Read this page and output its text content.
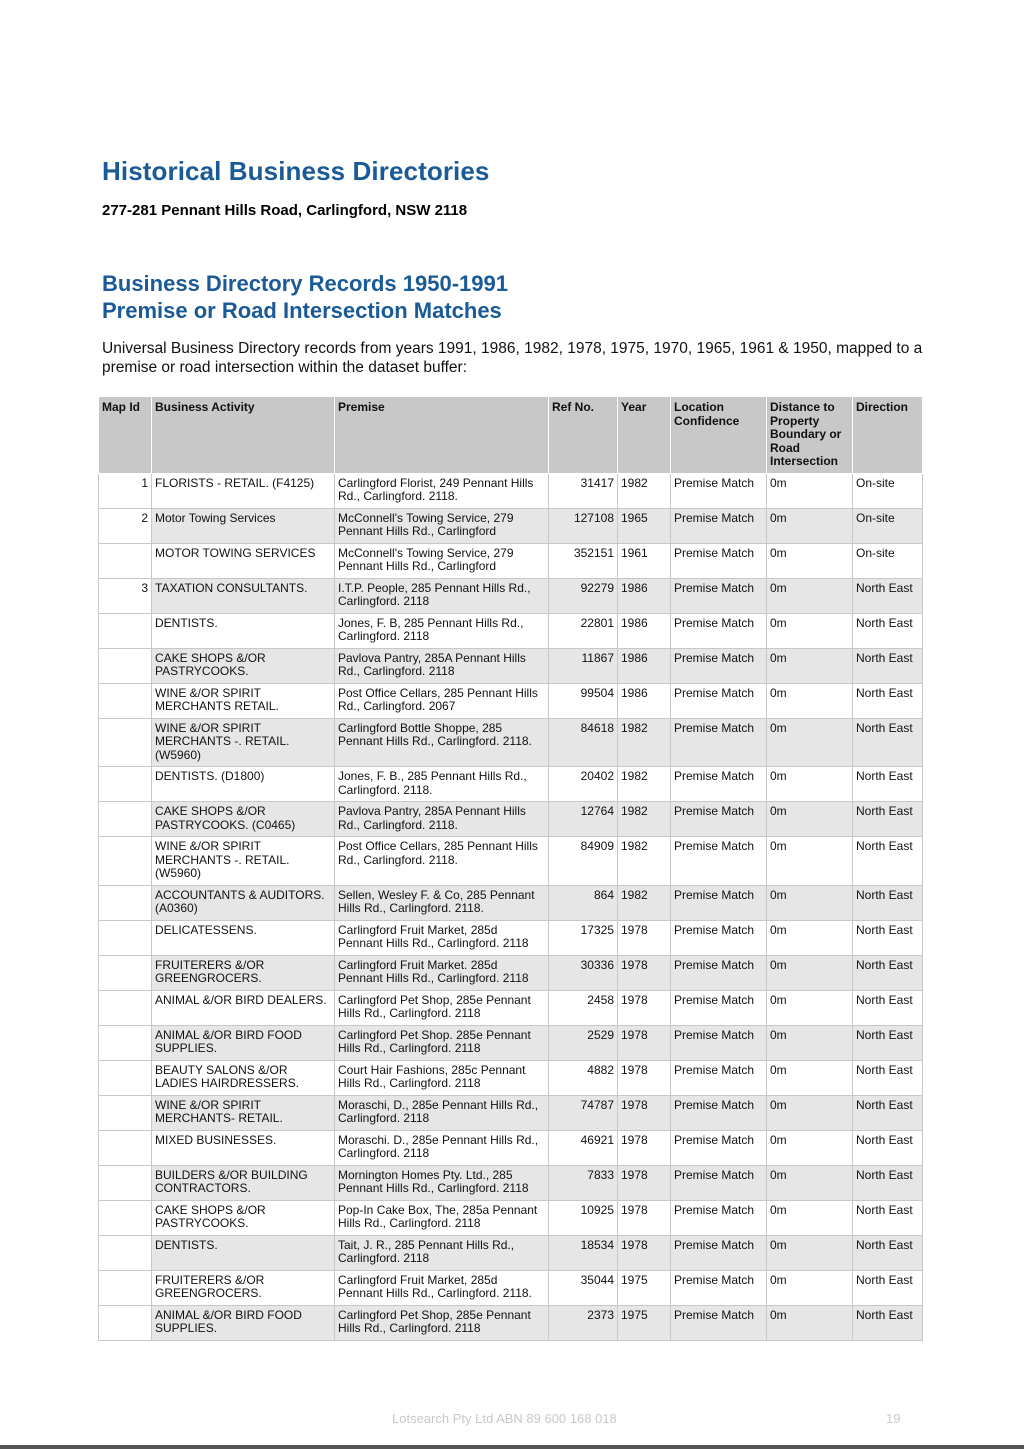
Historical Business Directories

277-281 Pennant Hills Road, Carlingford, NSW 2118

Business Directory Records 1950-1991
Premise or Road Intersection Matches

Universal Business Directory records from years 1991, 1986, 1982, 1978, 1975, 1970, 1965, 1961 & 1950, mapped to a premise or road intersection within the dataset buffer:

Map Id	Business Activity	Premise	Ref No.	Year	Location Confidence	Distance to Property Boundary or Road Intersection	Direction
1	FLORISTS - RETAIL. (F4125)	Carlingford Florist, 249 Pennant Hills Rd., Carlingford. 2118.	31417	1982	Premise Match	0m	On-site
2	Motor Towing Services	McConnell's Towing Service, 279 Pennant Hills Rd., Carlingford	127108	1965	Premise Match	0m	On-site
	MOTOR TOWING SERVICES	McConnell's Towing Service, 279 Pennant Hills Rd., Carlingford	352151	1961	Premise Match	0m	On-site
3	TAXATION CONSULTANTS.	I.T.P. People, 285 Pennant Hills Rd., Carlingford. 2118	92279	1986	Premise Match	0m	North East
	DENTISTS.	Jones, F. B, 285 Pennant Hills Rd., Carlingford. 2118	22801	1986	Premise Match	0m	North East
	CAKE SHOPS &/OR PASTRYCOOKS.	Pavlova Pantry, 285A Pennant Hills Rd., Carlingford. 2118	11867	1986	Premise Match	0m	North East
	WINE &/OR SPIRIT MERCHANTS RETAIL.	Post Office Cellars, 285 Pennant Hills Rd., Carlingford. 2067	99504	1986	Premise Match	0m	North East
	WINE &/OR SPIRIT MERCHANTS -. RETAIL. (W5960)	Carlingford Bottle Shoppe, 285 Pennant Hills Rd., Carlingford. 2118.	84618	1982	Premise Match	0m	North East
	DENTISTS. (D1800)	Jones, F. B., 285 Pennant Hills Rd., Carlingford. 2118.	20402	1982	Premise Match	0m	North East
	CAKE SHOPS &/OR PASTRYCOOKS. (C0465)	Pavlova Pantry, 285A Pennant Hills Rd., Carlingford. 2118.	12764	1982	Premise Match	0m	North East
	WINE &/OR SPIRIT MERCHANTS -. RETAIL. (W5960)	Post Office Cellars, 285 Pennant Hills Rd., Carlingford. 2118.	84909	1982	Premise Match	0m	North East
	ACCOUNTANTS & AUDITORS. (A0360)	Sellen, Wesley F. & Co, 285 Pennant Hills Rd., Carlingford. 2118.	864	1982	Premise Match	0m	North East
	DELICATESSENS.	Carlingford Fruit Market, 285d Pennant Hills Rd., Carlingford. 2118	17325	1978	Premise Match	0m	North East
	FRUITERERS &/OR GREENGROCERS.	Carlingford Fruit Market. 285d Pennant Hills Rd., Carlingford. 2118	30336	1978	Premise Match	0m	North East
	ANIMAL &/OR BIRD DEALERS.	Carlingford Pet Shop, 285e Pennant Hills Rd., Carlingford. 2118	2458	1978	Premise Match	0m	North East
	ANIMAL &/OR BIRD FOOD SUPPLIES.	Carlingford Pet Shop. 285e Pennant Hills Rd., Carlingford. 2118	2529	1978	Premise Match	0m	North East
	BEAUTY SALONS &/OR LADIES HAIRDRESSERS.	Court Hair Fashions, 285c Pennant Hills Rd., Carlingford. 2118	4882	1978	Premise Match	0m	North East
	WINE &/OR SPIRIT MERCHANTS- RETAIL.	Moraschi, D., 285e Pennant Hills Rd., Carlingford. 2118	74787	1978	Premise Match	0m	North East
	MIXED BUSINESSES.	Moraschi. D., 285e Pennant Hills Rd., Carlingford. 2118	46921	1978	Premise Match	0m	North East
	BUILDERS &/OR BUILDING CONTRACTORS.	Mornington Homes Pty. Ltd., 285 Pennant Hills Rd., Carlingford. 2118	7833	1978	Premise Match	0m	North East
	CAKE SHOPS &/OR PASTRYCOOKS.	Pop-In Cake Box, The, 285a Pennant Hills Rd., Carlingford. 2118	10925	1978	Premise Match	0m	North East
	DENTISTS.	Tait, J. R., 285 Pennant Hills Rd., Carlingford. 2118	18534	1978	Premise Match	0m	North East
	FRUITERERS &/OR GREENGROCERS.	Carlingford Fruit Market, 285d Pennant Hills Rd., Carlingford. 2118.	35044	1975	Premise Match	0m	North East
	ANIMAL &/OR BIRD FOOD SUPPLIES.	Carlingford Pet Shop, 285e Pennant Hills Rd., Carlingford. 2118	2373	1975	Premise Match	0m	North East

Lotsearch Pty Ltd ABN 89 600 168 018	19
